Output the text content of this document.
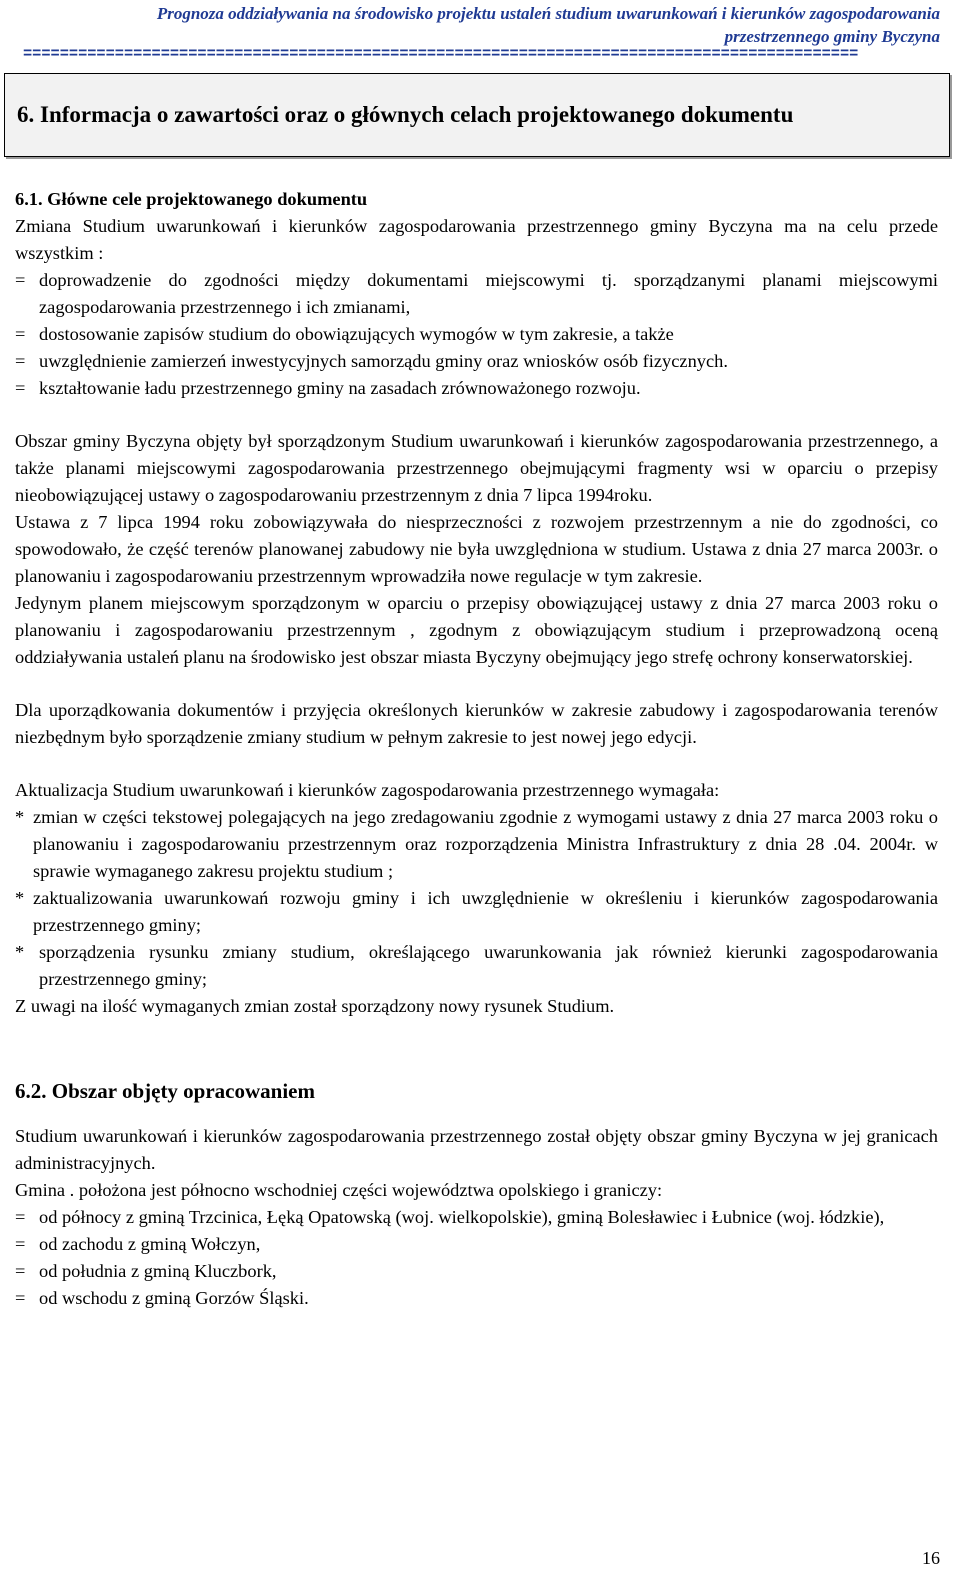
Prognoza oddziaływania na środowisko projektu ustaleń studium uwarunkowań i kierunków zagospodarowania
przestrzennego gminy Byczyna
===========================================================================================
6. Informacja o zawartości oraz o głównych celach projektowanego dokumentu

6.1. Główne cele projektowanego dokumentu

Zmiana Studium uwarunkowań i kierunków zagospodarowania przestrzennego gminy Byczyna ma na celu przede wszystkim :

= doprowadzenie do zgodności między dokumentami miejscowymi tj. sporządzanymi planami miejscowymi zagospodarowania przestrzennego i ich zmianami,
= dostosowanie zapisów studium do obowiązujących wymogów w tym zakresie, a także
= uwzględnienie zamierzeń inwestycyjnych samorządu gminy oraz wniosków osób fizycznych.
= kształtowanie ładu przestrzennego gminy na zasadach zrównoważonego rozwoju.

Obszar gminy Byczyna objęty był sporządzonym Studium uwarunkowań i kierunków zagospodarowania przestrzennego, a także planami miejscowymi zagospodarowania przestrzennego obejmującymi fragmenty wsi w oparciu o przepisy nieobowiązującej ustawy o zagospodarowaniu przestrzennym z dnia 7 lipca 1994roku.

Ustawa z 7 lipca 1994 roku zobowiązywała do niesprzeczności z rozwojem przestrzennym a nie do zgodności, co spowodowało, że część terenów planowanej zabudowy nie była uwzględniona w studium. Ustawa z dnia 27 marca 2003r. o planowaniu i zagospodarowaniu przestrzennym wprowadziła nowe regulacje w tym zakresie.

Jedynym planem miejscowym sporządzonym w oparciu o przepisy obowiązującej ustawy z dnia 27 marca 2003 roku o planowaniu i zagospodarowaniu przestrzennym , zgodnym z obowiązującym studium i przeprowadzoną oceną oddziaływania ustaleń planu na środowisko jest obszar miasta Byczyny obejmujący jego strefę ochrony konserwatorskiej.

Dla uporządkowania dokumentów i przyjęcia określonych kierunków w zakresie zabudowy i zagospodarowania terenów niezbędnym było sporządzenie zmiany studium w pełnym zakresie to jest nowej jego edycji.

Aktualizacja Studium uwarunkowań i kierunków zagospodarowania przestrzennego wymagała:

* zmian w części tekstowej polegających na jego zredagowaniu zgodnie z wymogami ustawy z dnia 27 marca 2003 roku o planowaniu i zagospodarowaniu przestrzennym oraz rozporządzenia Ministra Infrastruktury z dnia 28 .04. 2004r. w sprawie wymaganego zakresu projektu studium ;
* zaktualizowania uwarunkowań rozwoju gminy i ich uwzględnienie w określeniu i kierunków zagospodarowania przestrzennego gminy;
* sporządzenia rysunku zmiany studium, określającego uwarunkowania jak również kierunki zagospodarowania przestrzennego gminy;

Z uwagi na ilość wymaganych zmian został sporządzony nowy rysunek Studium.

6.2. Obszar objęty opracowaniem

Studium uwarunkowań i kierunków zagospodarowania przestrzennego został objęty obszar gminy Byczyna w jej granicach administracyjnych.

Gmina . położona jest północno wschodniej części województwa opolskiego i graniczy:

= od północy z gminą Trzcinica, Łęką Opatowską (woj. wielkopolskie), gminą Bolesławiec i Łubnice (woj. łódzkie),
= od zachodu z gminą Wołczyn,
= od południa z gminą Kluczbork,
= od wschodu z gminą Gorzów Śląski.
16
